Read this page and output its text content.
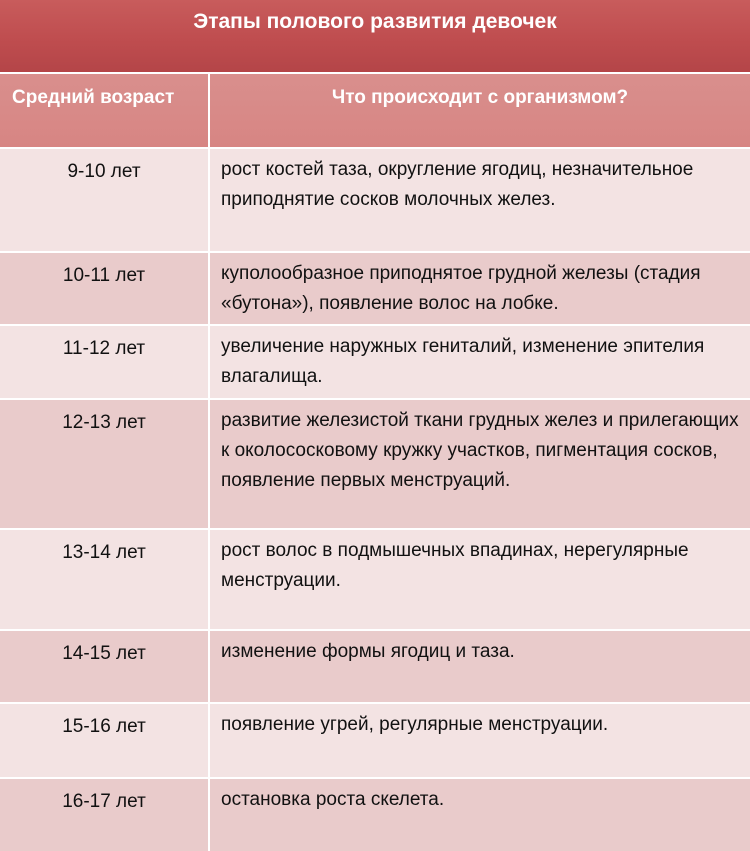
Этапы полового развития девочек
Средний возраст	Что происходит с организмом?
9-10 лет	рост костей таза, округление ягодиц, незначительное приподнятие сосков молочных желез.
10-11 лет	куполообразное приподнятое грудной железы (стадия «бутона»), появление волос на лобке.
11-12 лет	увеличение наружных гениталий, изменение эпителия влагалища.
12-13 лет	развитие железистой ткани грудных желез и прилегающих к околососковому кружку участков, пигментация сосков, появление первых менструаций.
13-14 лет	рост волос в подмышечных впадинах, нерегулярные менструации.
14-15 лет	изменение формы ягодиц и таза.
15-16 лет	появление угрей, регулярные менструации.
16-17 лет	остановка роста скелета.
